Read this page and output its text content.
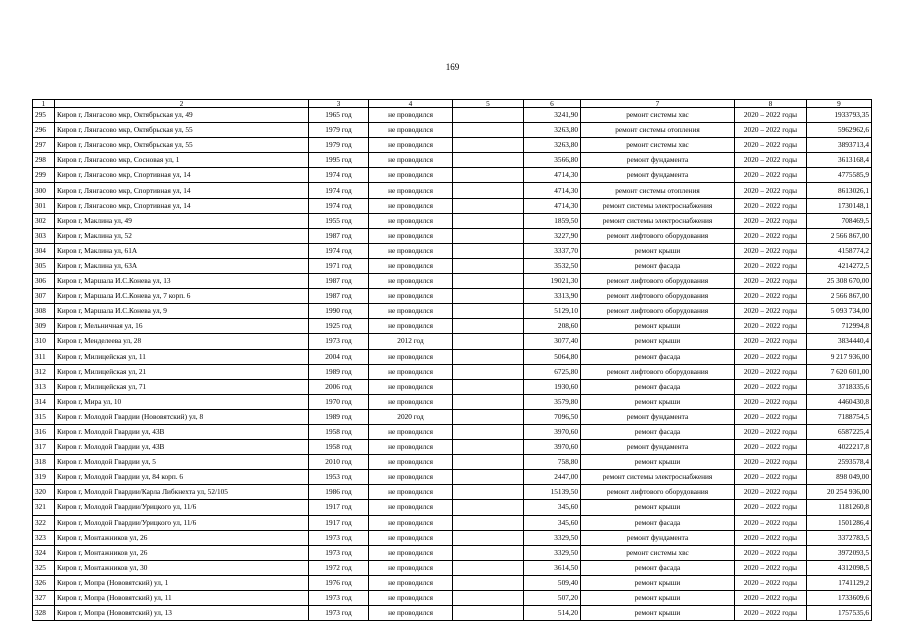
169
1	2	3	4	5	6	7	8	9
295	Киров г, Лянгасово мкр, Октябрьская ул, 49	1965 год	не проводился		3241,90	ремонт системы хвс	2020 – 2022 годы	1933793,35
296	Киров г, Лянгасово мкр, Октябрьская ул, 55	1979 год	не проводился		3263,80	ремонт системы отопления	2020 – 2022 годы	5962962,6
297	Киров г, Лянгасово мкр, Октябрьская ул, 55	1979 год	не проводился		3263,80	ремонт системы хвс	2020 – 2022 годы	3893713,4
298	Киров г, Лянгасово мкр, Сосновая ул, 1	1995 год	не проводился		3566,80	ремонт фундамента	2020 – 2022 годы	3613168,4
299	Киров г, Лянгасово мкр, Спортивная ул, 14	1974 год	не проводился		4714,30	ремонт фундамента	2020 – 2022 годы	4775585,9
300	Киров г, Лянгасово мкр, Спортивная ул, 14	1974 год	не проводился		4714,30	ремонт системы отопления	2020 – 2022 годы	8613026,1
301	Киров г, Лянгасово мкр, Спортивная ул, 14	1974 год	не проводился		4714,30	ремонт системы электроснабжения	2020 – 2022 годы	1730148,1
302	Киров г, Маклина ул, 49	1955 год	не проводился		1859,50	ремонт системы электроснабжения	2020 – 2022 годы	708469,5
303	Киров г, Маклина ул, 52	1987 год	не проводился		3227,90	ремонт лифтового оборудования	2020 – 2022 годы	2 566 867,00
304	Киров г, Маклина ул, 61А	1974 год	не проводился		3337,70	ремонт крыши	2020 – 2022 годы	4158774,2
305	Киров г, Маклина ул, 63А	1971 год	не проводился		3532,50	ремонт фасада	2020 – 2022 годы	4214272,5
306	Киров г, Маршала И.С.Конева ул, 13	1987 год	не проводился		19021,30	ремонт лифтового оборудования	2020 – 2022 годы	25 308 670,00
307	Киров г, Маршала И.С.Конева ул, 7 корп. 6	1987 год	не проводился		3313,90	ремонт лифтового оборудования	2020 – 2022 годы	2 566 867,00
308	Киров г, Маршала И.С.Конева ул, 9	1990 год	не проводился		5129,10	ремонт лифтового оборудования	2020 – 2022 годы	5 093 734,00
309	Киров г, Мельничная ул, 16	1925 год	не проводился		208,60	ремонт крыши	2020 – 2022 годы	712994,8
310	Киров г, Менделеева ул, 28	1973 год	2012 год		3077,40	ремонт крыши	2020 – 2022 годы	3834440,4
311	Киров г, Милицейская ул, 11	2004 год	не проводился		5064,80	ремонт фасада	2020 – 2022 годы	9 217 936,00
312	Киров г, Милицейская ул, 21	1989 год	не проводился		6725,80	ремонт лифтового оборудования	2020 – 2022 годы	7 620 601,00
313	Киров г, Милицейская ул, 71	2006 год	не проводился		1930,60	ремонт фасада	2020 – 2022 годы	3718335,6
314	Киров г, Мира ул, 10	1970 год	не проводился		3579,80	ремонт крыши	2020 – 2022 годы	4460430,8
315	Киров г. Молодой Гвардии (Нововятский) ул, 8	1989 год	2020 год		7096,50	ремонт фундамента	2020 – 2022 годы	7188754,5
316	Киров г. Молодой Гвардии ул, 43В	1958 год	не проводился		3970,60	ремонт фасада	2020 – 2022 годы	6587225,4
317	Киров г. Молодой Гвардии ул, 43В	1958 год	не проводился		3970,60	ремонт фундамента	2020 – 2022 годы	4022217,8
318	Киров г. Молодой Гвардии ул, 5	2010 год	не проводился		758,80	ремонт крыши	2020 – 2022 годы	2593578,4
319	Киров г, Молодой Гвардии ул, 84 корп. 6	1953 год	не проводился		2447,00	ремонт системы электроснабжения	2020 – 2022 годы	898 049,00
320	Киров г, Молодой Гвардии/Карла Либкнехта ул, 52/105	1986 год	не проводился		15139,50	ремонт лифтового оборудования	2020 – 2022 годы	20 254 936,00
321	Киров г, Молодой Гвардии/Урицкого ул, 11/6	1917 год	не проводился		345,60	ремонт крыши	2020 – 2022 годы	1181260,8
322	Киров г, Молодой Гвардии/Урицкого ул, 11/6	1917 год	не проводился		345,60	ремонт фасада	2020 – 2022 годы	1501286,4
323	Киров г, Монтажников ул, 26	1973 год	не проводился		3329,50	ремонт фундамента	2020 – 2022 годы	3372783,5
324	Киров г, Монтажников ул, 26	1973 год	не проводился		3329,50	ремонт системы хвс	2020 – 2022 годы	3972093,5
325	Киров г, Монтажников ул, 30	1972 год	не проводился		3614,50	ремонт фасада	2020 – 2022 годы	4312098,5
326	Киров г, Мопра (Нововятский) ул, 1	1976 год	не проводился		509,40	ремонт крыши	2020 – 2022 годы	1741129,2
327	Киров г, Мопра (Нововятский) ул, 11	1973 год	не проводился		507,20	ремонт крыши	2020 – 2022 годы	1733609,6
328	Киров г, Мопра (Нововятский) ул, 13	1973 год	не проводился		514,20	ремонт крыши	2020 – 2022 годы	1757535,6
